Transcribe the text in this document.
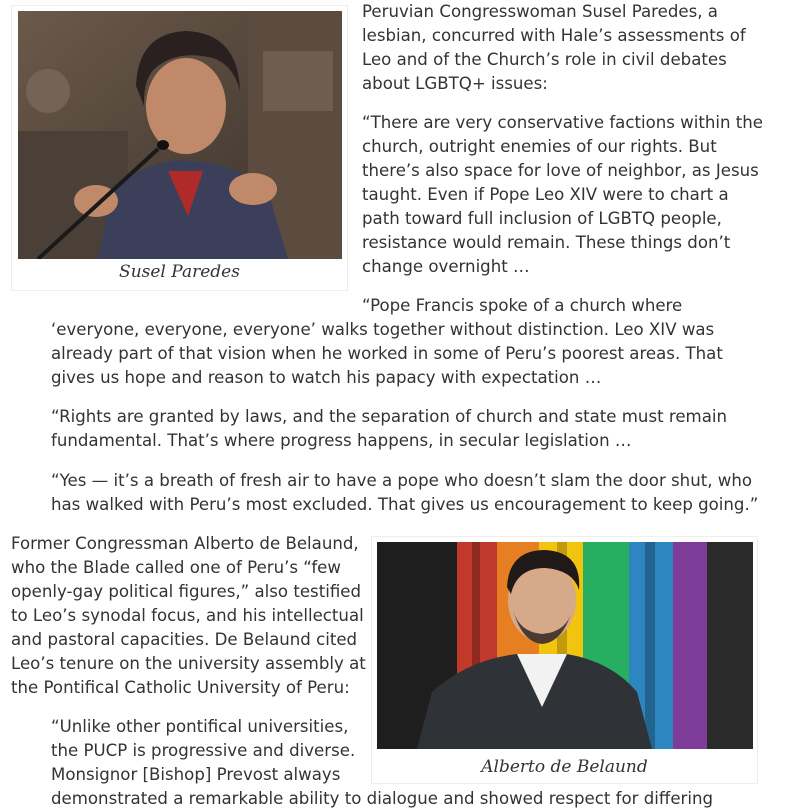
Susel Paredes
Peruvian Congresswoman Susel Paredes, a
lesbian, concurred with Hale’s assessments of
Leo and of the Church’s role in civil debates
about LGBTQ+ issues:
“There are very conservative factions within the
church, outright enemies of our rights. But
there’s also space for love of neighbor, as Jesus
taught. Even if Pope Leo XIV were to chart a
path toward full inclusion of LGBTQ people,
resistance would remain. These things don’t
change overnight …
“Pope Francis spoke of a church where
‘everyone, everyone, everyone’ walks together without distinction. Leo XIV was
already part of that vision when he worked in some of Peru’s poorest areas. That
gives us hope and reason to watch his papacy with expectation …
“Rights are granted by laws, and the separation of church and state must remain
fundamental. That’s where progress happens, in secular legislation …
“Yes — it’s a breath of fresh air to have a pope who doesn’t slam the door shut, who
has walked with Peru’s most excluded. That gives us encouragement to keep going.”
Former Congressman Alberto de Belaund,
who the Blade called one of Peru’s “few
openly-gay political figures,” also testified
to Leo’s synodal focus, and his intellectual
and pastoral capacities. De Belaund cited
Leo’s tenure on the university assembly at
the Pontifical Catholic University of Peru:
Alberto de Belaund
“Unlike other pontifical universities,
the PUCP is progressive and diverse.
Monsignor [Bishop] Prevost always
demonstrated a remarkable ability to dialogue and showed respect for differing
